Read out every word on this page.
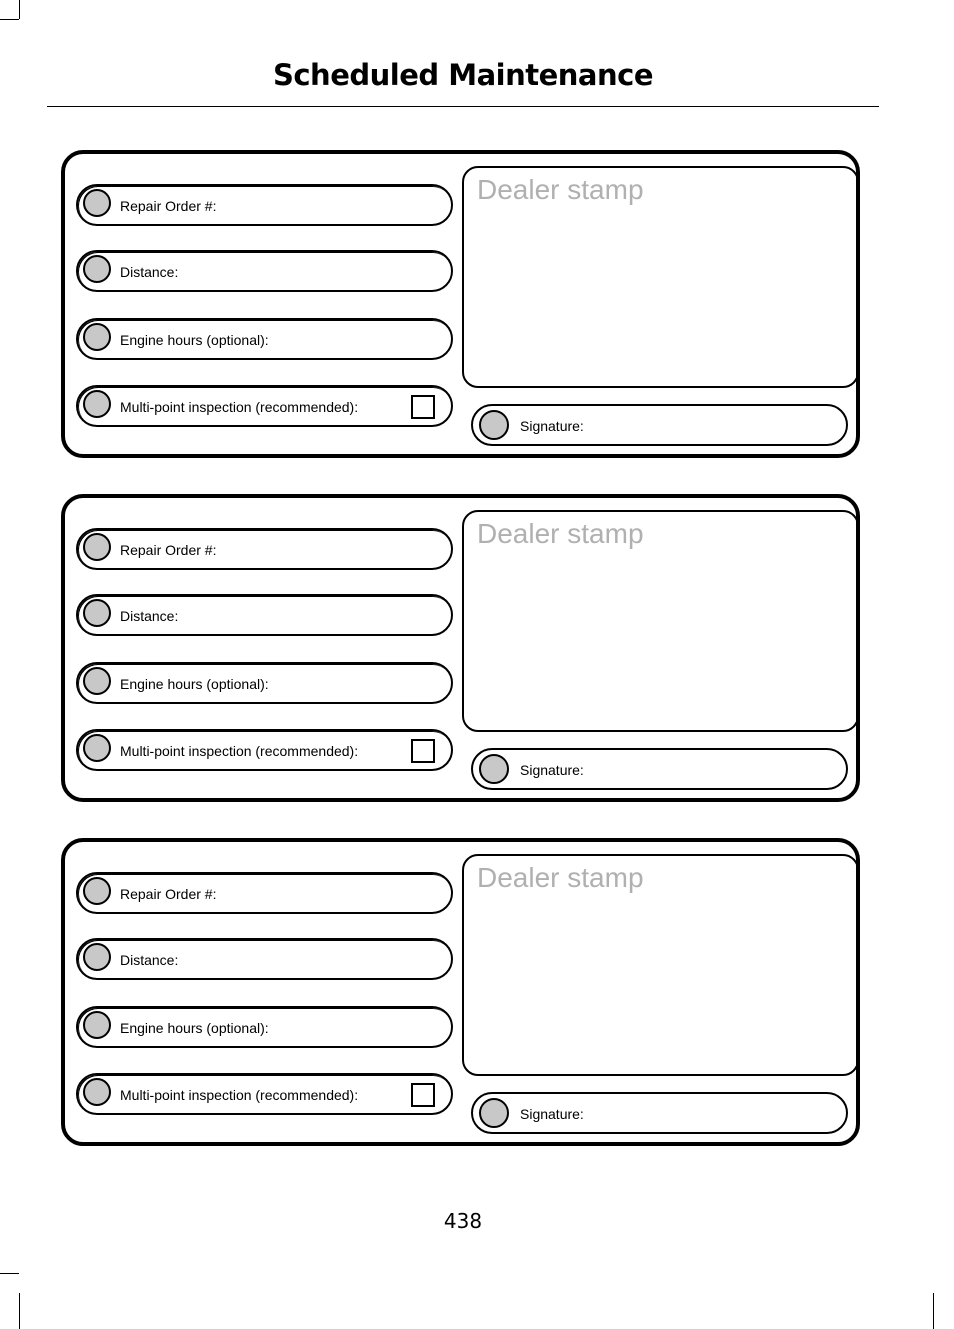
Scheduled Maintenance
Repair Order #:
Distance:
Engine hours (optional):
Multi-point inspection (recommended):
Dealer stamp
Signature:
Repair Order #:
Distance:
Engine hours (optional):
Multi-point inspection (recommended):
Dealer stamp
Signature:
Repair Order #:
Distance:
Engine hours (optional):
Multi-point inspection (recommended):
Dealer stamp
Signature:
438
